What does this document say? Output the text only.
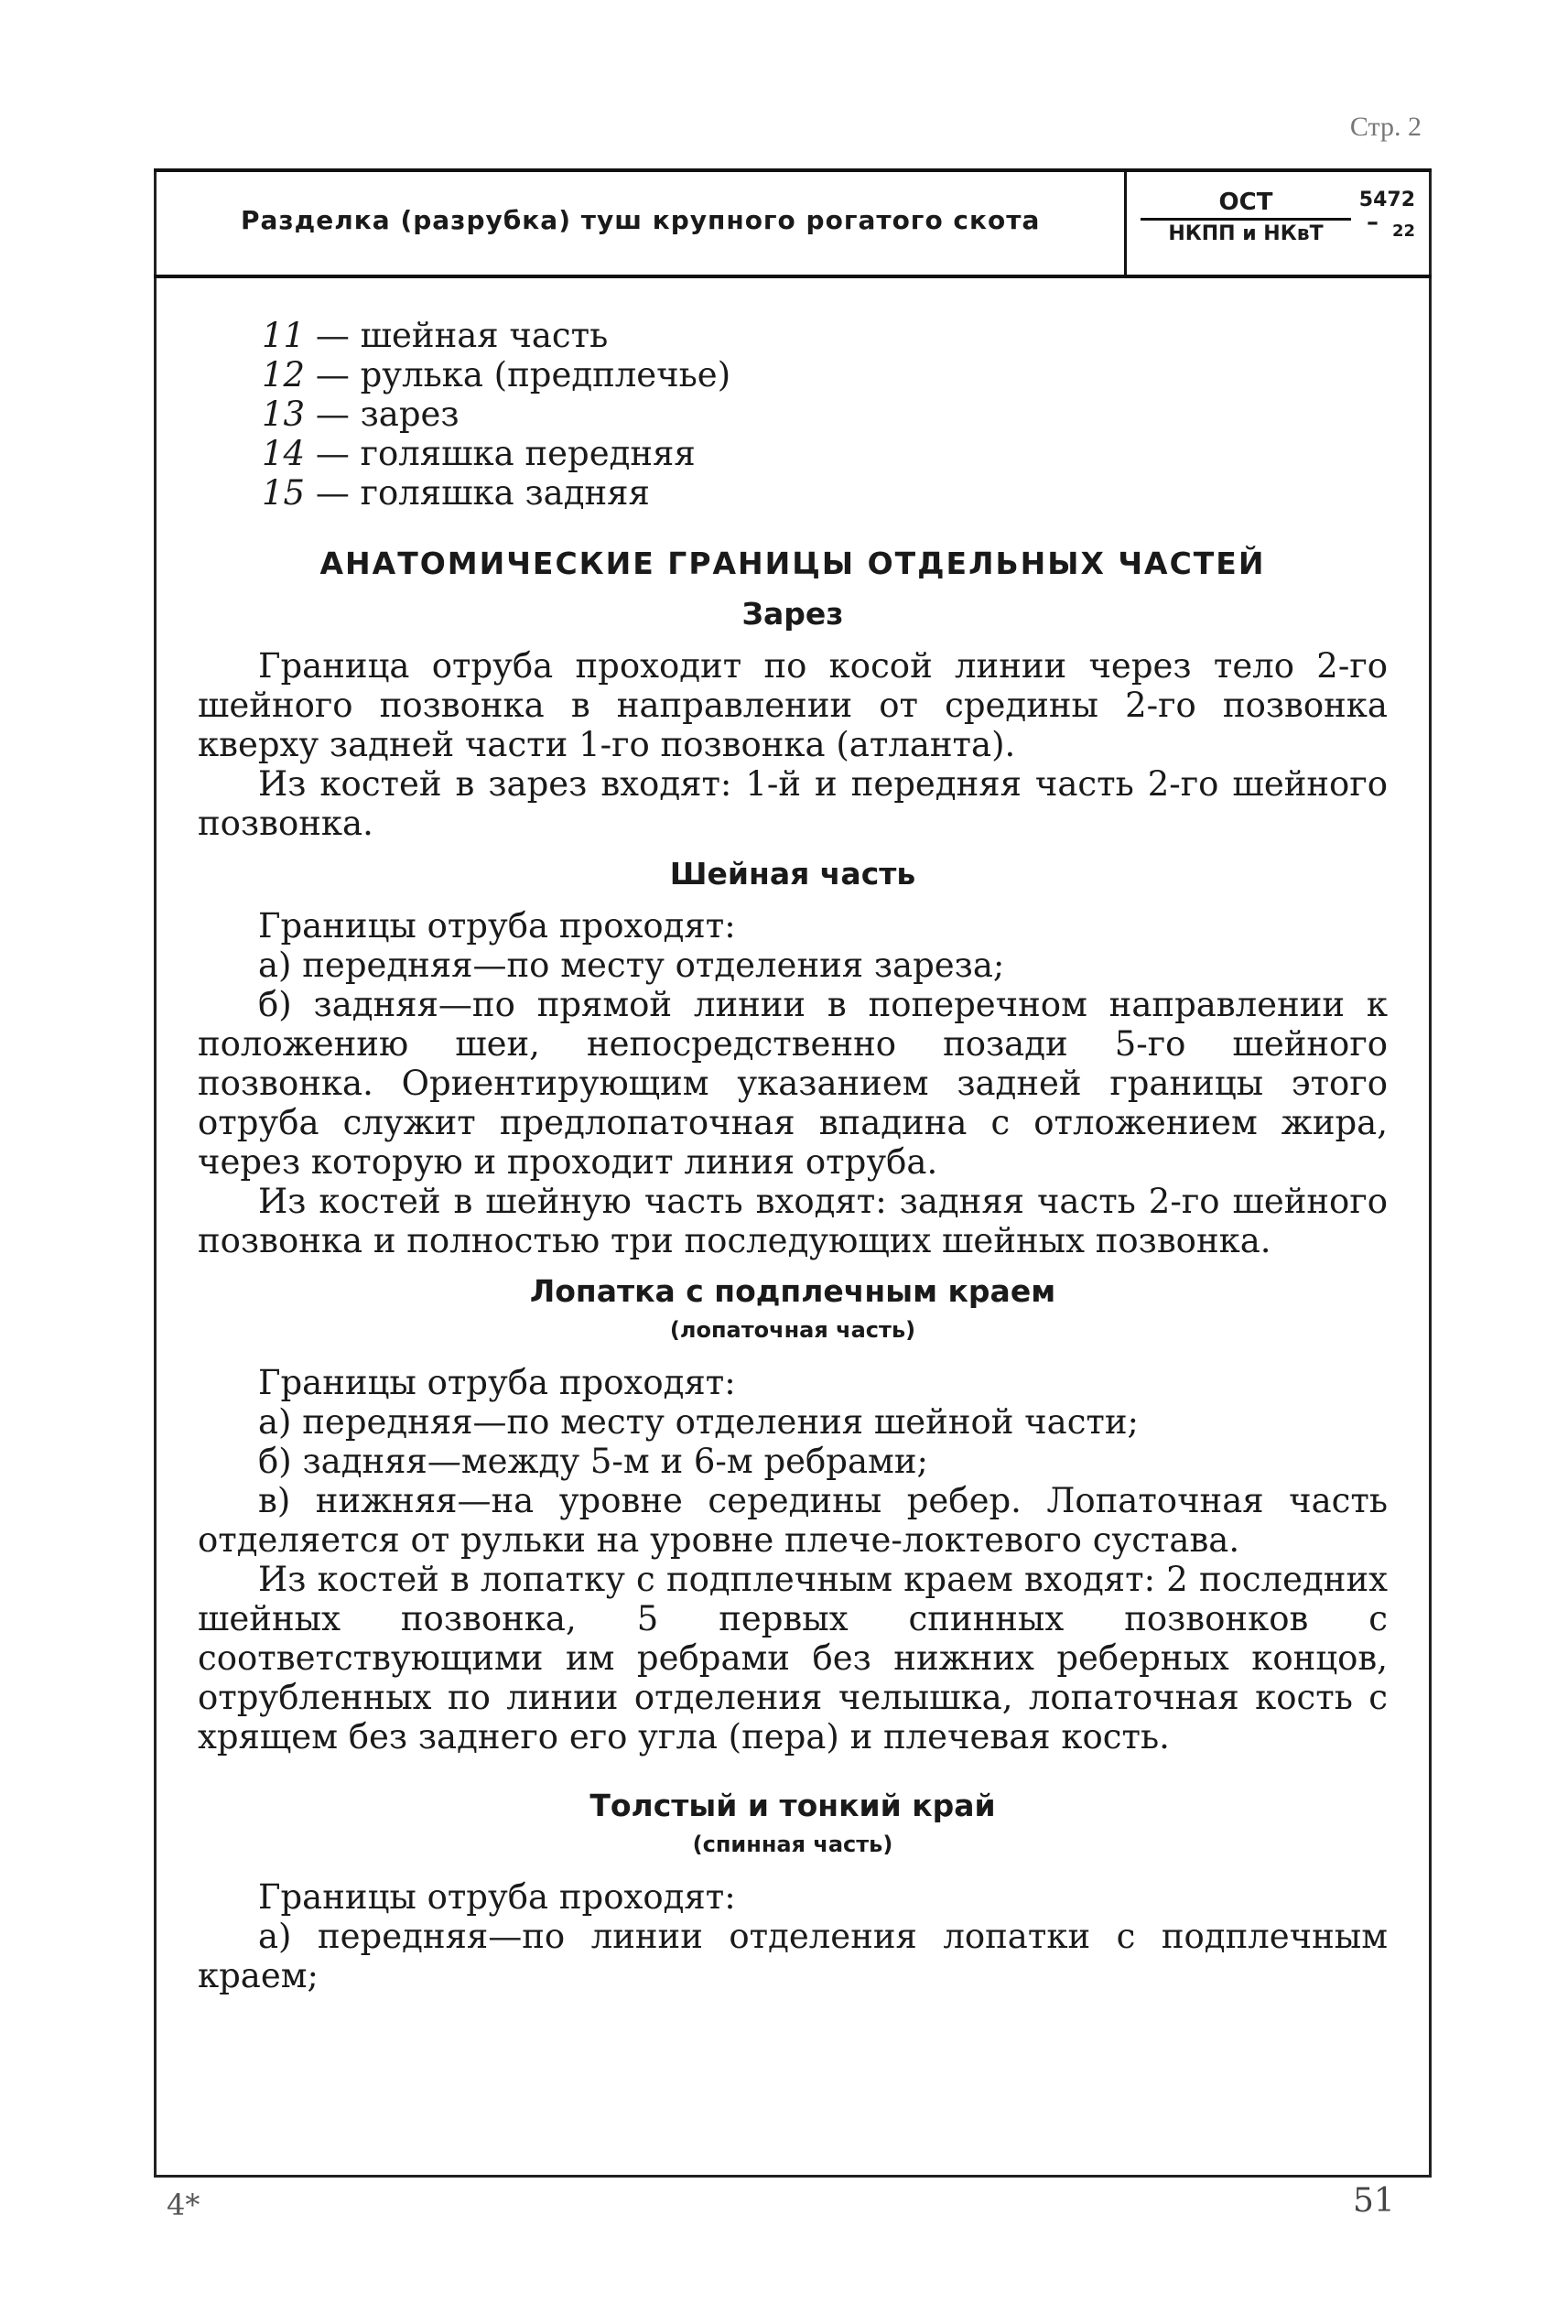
Стр. 2
Разделка (разрубка) туш крупного рогатого скота
ОСТ
НКПП и НКвТ
5472
– 22
11 — шейная часть
12 — рулька (предплечье)
13 — зарез
14 — голяшка передняя
15 — голяшка задняя
АНАТОМИЧЕСКИЕ ГРАНИЦЫ ОТДЕЛЬНЫХ ЧАСТЕЙ
Зарез

Граница отруба проходит по косой линии через тело 2-го шейного позвонка в направлении от средины 2-го позвонка кверху задней части 1-го позвонка (атланта).

Из костей в зарез входят: 1-й и передняя часть 2-го шейного позвонка.

Шейная часть

Границы отруба проходят:

а) передняя—по месту отделения зареза;

б) задняя—по прямой линии в поперечном направлении к положению шеи, непосредственно позади 5-го шейного позвонка. Ориентирующим указанием задней границы этого отруба служит предлопаточная впадина с отложением жира, через которую и проходит линия отруба.

Из костей в шейную часть входят: задняя часть 2-го шейного позвонка и полностью три последующих шейных позвонка.

Лопатка с подплечным краем
(лопаточная часть)

Границы отруба проходят:

а) передняя—по месту отделения шейной части;

б) задняя—между 5-м и 6-м ребрами;

в) нижняя—на уровне середины ребер. Лопаточная часть отделяется от рульки на уровне плече-локтевого сустава.

Из костей в лопатку с подплечным краем входят: 2 последних шейных позвонка, 5 первых спинных позвонков с соответствующими им ребрами без нижних реберных концов, отрубленных по линии отделения челышка, лопаточная кость с хрящем без заднего его угла (пера) и плечевая кость.

Толстый и тонкий край
(спинная часть)

Границы отруба проходят:

а) передняя—по линии отделения лопатки с подплечным краем;

4*	51
